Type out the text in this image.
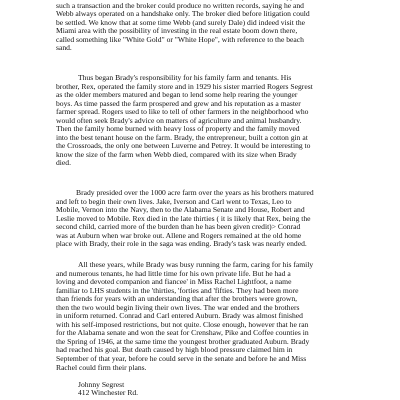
such a transaction and the broker could produce no written records, saying he and
Webb always operated on a handshake only. The broker died before litigation could
be settled. We know that at some time Webb (and surely Dale) did indeed visit the
Miami area with the possibility of investing in the real estate boom down there,
called something like "White Gold" or "White Hope", with reference to the beach
sand.
Thus began Brady's responsibility for his family farm and tenants. His
brother, Rex, operated the family store and in 1929 his sister married Rogers Segrest
as the older members matured and began to lend some help rearing the younger
boys. As time passed the farm prospered and grew and his reputation as a master
farmer spread. Rogers used to like to tell of other farmers in the neighborhood who
would often seek Brady's advice on matters of agriculture and animal husbandry.
Then the family home burned with heavy loss of property and the family moved
into the best tenant house on the farm. Brady, the entrepreneur, built a cotton gin at
the Crossroads, the only one between Luverne and Petrey. It would be interesting to
know the size of the farm when Webb died, compared with its size when Brady
died.
Brady presided over the 1000 acre farm over the years as his brothers matured
and left to begin their own lives. Jake, Iverson and Carl went to Texas, Leo to
Mobile, Vernon into the Navy, then to the Alabama Senate and House, Robert and
Leslie moved to Mobile. Rex died in the late thirties ( it is likely that Rex, being the
second child, carried more of the burden than he has been given credit)> Conrad
was at Auburn when war broke out. Allene and Rogers remained at the old home
place with Brady, their role in the saga was ending. Brady's task was nearly ended.
All these years, while Brady was busy running the farm, caring for his family
and numerous tenants, he had little time for his own private life. But he had a
loving and devoted companion and fiancee' in Miss Rachel Lightfoot, a name
familiar to LHS students in the 'thirties, 'forties and 'fifties. They had been more
than friends for years with an understanding that after the brothers were grown,
then the two would begin living their own lives. The war ended and the brothers
in uniform returned. Conrad and Carl entered Auburn. Brady was almost finished
with his self-imposed restrictions, but not quite. Close enough, however that he ran
for the Alabama senate and won the seat for Crenshaw, Pike and Coffee counties in
the Spring of 1946, at the same time the youngest brother graduated Auburn. Brady
had reached his goal. But death caused by high blood pressure claimed him in
September of that year, before he could serve in the senate and before he and Miss
Rachel could firm their plans.

Johnny Segrest

412 Winchester Rd.
